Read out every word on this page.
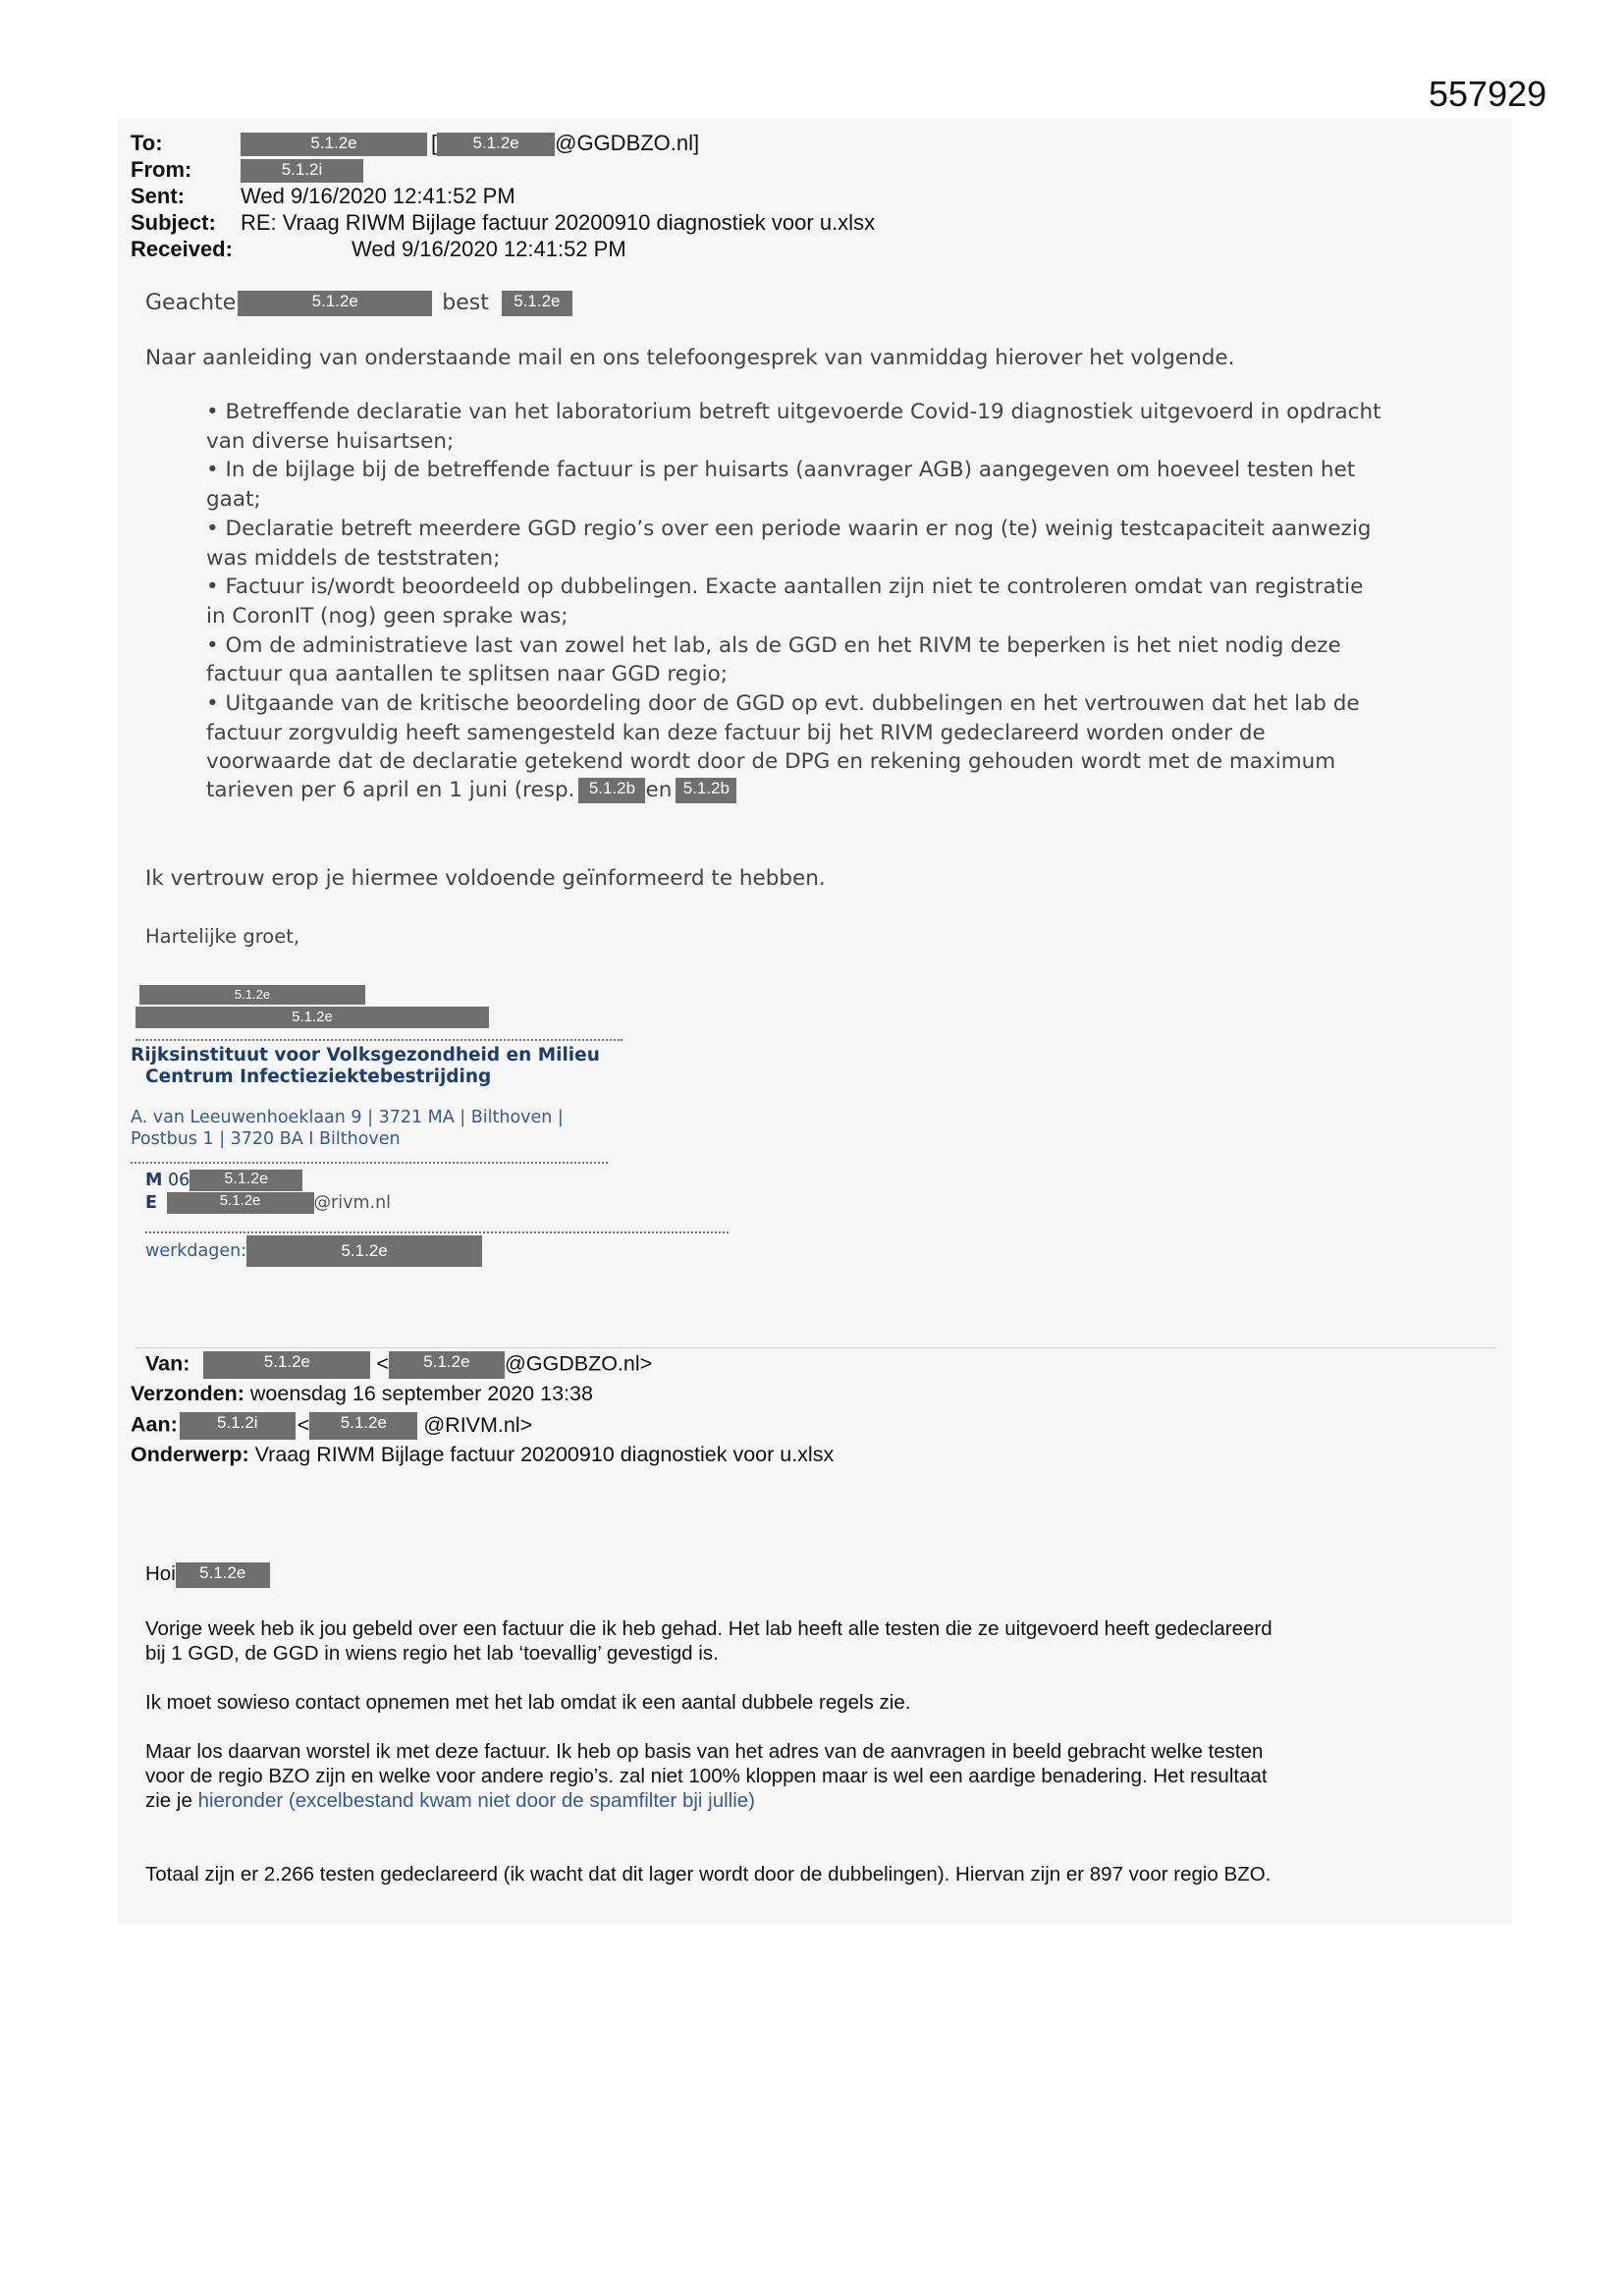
557929
To:	5.1.2e	[ 5.1.2e @GGDBZO.nl]
From:	5.1.2i
Sent:	Wed 9/16/2020 12:41:52 PM
Subject: RE: Vraag RIWM Bijlage factuur 20200910 diagnostiek voor u.xlsx
Received:	Wed 9/16/2020 12:41:52 PM
Geachte	5.1.2e	best 5.1.2e
Naar aanleiding van onderstaande mail en ons telefoongesprek van vanmiddag hierover het volgende.
• Betreffende declaratie van het laboratorium betreft uitgevoerde Covid-19 diagnostiek uitgevoerd in opdracht
van diverse huisartsen;
• In de bijlage bij de betreffende factuur is per huisarts (aanvrager AGB) aangegeven om hoeveel testen het
gaat;
• Declaratie betreft meerdere GGD regio’s over een periode waarin er nog (te) weinig testcapaciteit aanwezig
was middels de teststraten;
• Factuur is/wordt beoordeeld op dubbelingen. Exacte aantallen zijn niet te controleren omdat van registratie
in CoronIT (nog) geen sprake was;
• Om de administratieve last van zowel het lab, als de GGD en het RIVM te beperken is het niet nodig deze
factuur qua aantallen te splitsen naar GGD regio;
• Uitgaande van de kritische beoordeling door de GGD op evt. dubbelingen en het vertrouwen dat het lab de
factuur zorgvuldig heeft samengesteld kan deze factuur bij het RIVM gedeclareerd worden onder de
voorwaarde dat de declaratie getekend wordt door de DPG en rekening gehouden wordt met de maximum
tarieven per 6 april en 1 juni (resp. 5.1.2b en 5.1.2b
Ik vertrouw erop je hiermee voldoende geïnformeerd te hebben.
Hartelijke groet,
5.1.2e
5.1.2e
Rijksinstituut voor Volksgezondheid en Milieu
Centrum Infectieziektebestrijding
A. van Leeuwenhoeklaan 9 | 3721 MA | Bilthoven |
Postbus 1 | 3720 BA I Bilthoven
M 06 5.1.2e
E	5.1.2e	@rivm.nl
werkdagen:	5.1.2e
Van:	5.1.2e	< 5.1.2e @GGDBZO.nl>
Verzonden: woensdag 16 september 2020 13:38
Aan: 5.1.2i < 5.1.2e @RIVM.nl>
Onderwerp: Vraag RIWM Bijlage factuur 20200910 diagnostiek voor u.xlsx
Hoi 5.1.2e
Vorige week heb ik jou gebeld over een factuur die ik heb gehad. Het lab heeft alle testen die ze uitgevoerd heeft gedeclareerd
bij 1 GGD, de GGD in wiens regio het lab ‘toevallig’ gevestigd is.
Ik moet sowieso contact opnemen met het lab omdat ik een aantal dubbele regels zie.
Maar los daarvan worstel ik met deze factuur. Ik heb op basis van het adres van de aanvragen in beeld gebracht welke testen
voor de regio BZO zijn en welke voor andere regio’s. zal niet 100% kloppen maar is wel een aardige benadering. Het resultaat
zie je hieronder (excelbestand kwam niet door de spamfilter bji jullie)
Totaal zijn er 2.266 testen gedeclareerd (ik wacht dat dit lager wordt door de dubbelingen). Hiervan zijn er 897 voor regio BZO.
